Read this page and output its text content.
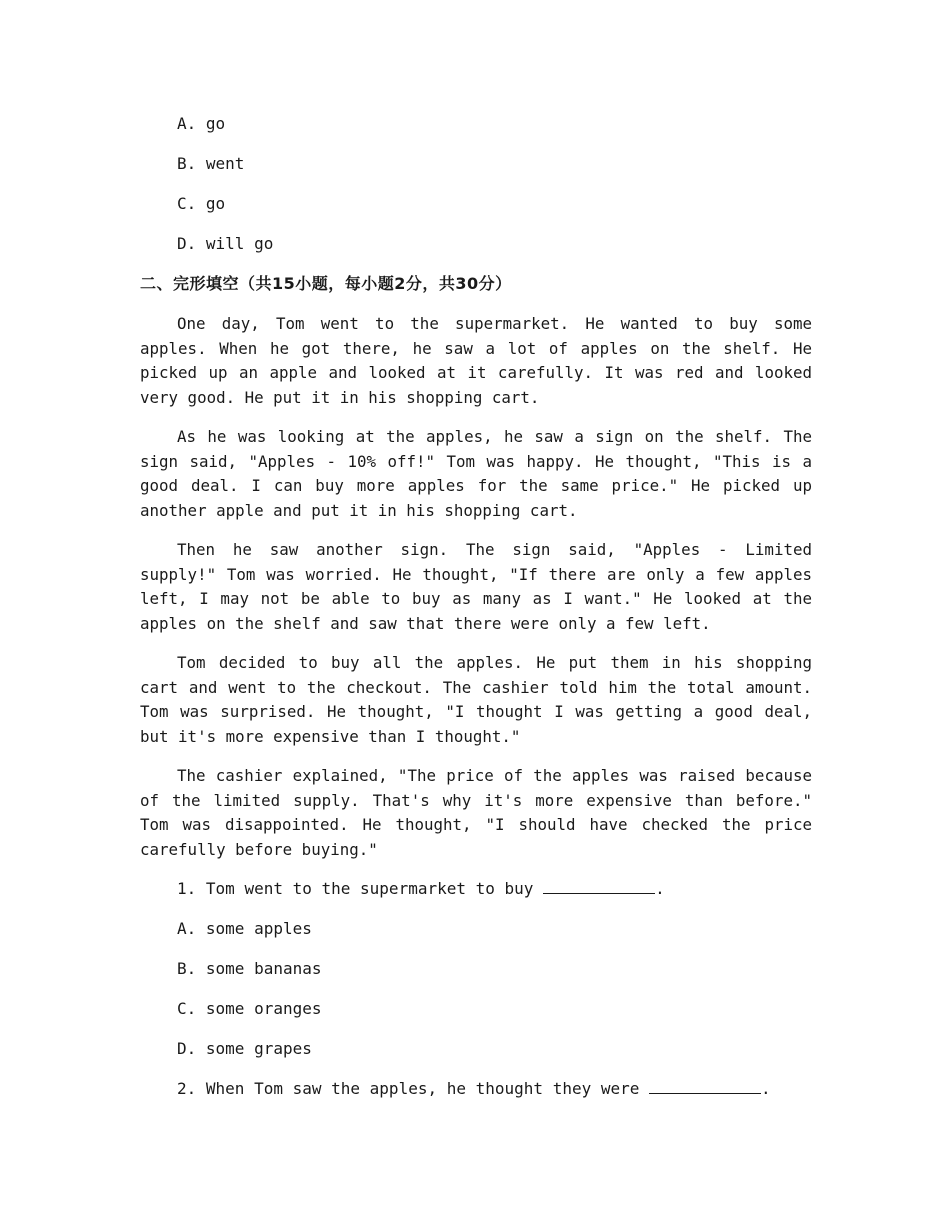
A. go
B. went
C. go
D. will go
二、完形填空（共15小题，每小题2分，共30分）

One day, Tom went to the supermarket. He wanted to buy some apples. When he got there, he saw a lot of apples on the shelf. He picked up an apple and looked at it carefully. It was red and looked very good. He put it in his shopping cart.

As he was looking at the apples, he saw a sign on the shelf. The sign said, "Apples - 10% off!" Tom was happy. He thought, "This is a good deal. I can buy more apples for the same price." He picked up another apple and put it in his shopping cart.

Then he saw another sign. The sign said, "Apples - Limited supply!" Tom was worried. He thought, "If there are only a few apples left, I may not be able to buy as many as I want." He looked at the apples on the shelf and saw that there were only a few left.

Tom decided to buy all the apples. He put them in his shopping cart and went to the checkout. The cashier told him the total amount. Tom was surprised. He thought, "I thought I was getting a good deal, but it's more expensive than I thought."

The cashier explained, "The price of the apples was raised because of the limited supply. That's why it's more expensive than before." Tom was disappointed. He thought, "I should have checked the price carefully before buying."

1. Tom went to the supermarket to buy	.
A. some apples
B. some bananas
C. some oranges
D. some grapes
2. When Tom saw the apples, he thought they were	.
